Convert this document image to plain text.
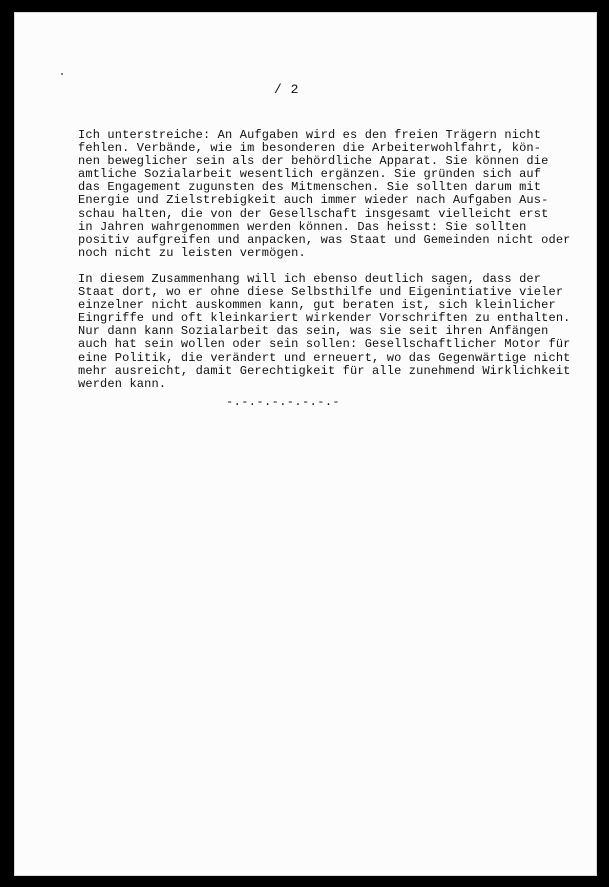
/ 2

Ich unterstreiche: An Aufgaben wird es den freien Trägern nicht
fehlen. Verbände, wie im besonderen die Arbeiterwohlfahrt, kön-
nen beweglicher sein als der behördliche Apparat. Sie können die
amtliche Sozialarbeit wesentlich ergänzen. Sie gründen sich auf
das Engagement zugunsten des Mitmenschen. Sie sollten darum mit
Energie und Zielstrebigkeit auch immer wieder nach Aufgaben Aus-
schau halten, die von der Gesellschaft insgesamt vielleicht erst
in Jahren wahrgenommen werden können. Das heisst: Sie sollten
positiv aufgreifen und anpacken, was Staat und Gemeinden nicht oder
noch nicht zu leisten vermögen.

In diesem Zusammenhang will ich ebenso deutlich sagen, dass der
Staat dort, wo er ohne diese Selbsthilfe und Eigenintiative vieler
einzelner nicht auskommen kann, gut beraten ist, sich kleinlicher
Eingriffe und oft kleinkariert wirkender Vorschriften zu enthalten.
Nur dann kann Sozialarbeit das sein, was sie seit ihren Anfängen
auch hat sein wollen oder sein sollen: Gesellschaftlicher Motor für
eine Politik, die verändert und erneuert, wo das Gegenwärtige nicht
mehr ausreicht, damit Gerechtigkeit für alle zunehmend Wirklichkeit
werden kann.

-.-.-.-.-.-.-.-
